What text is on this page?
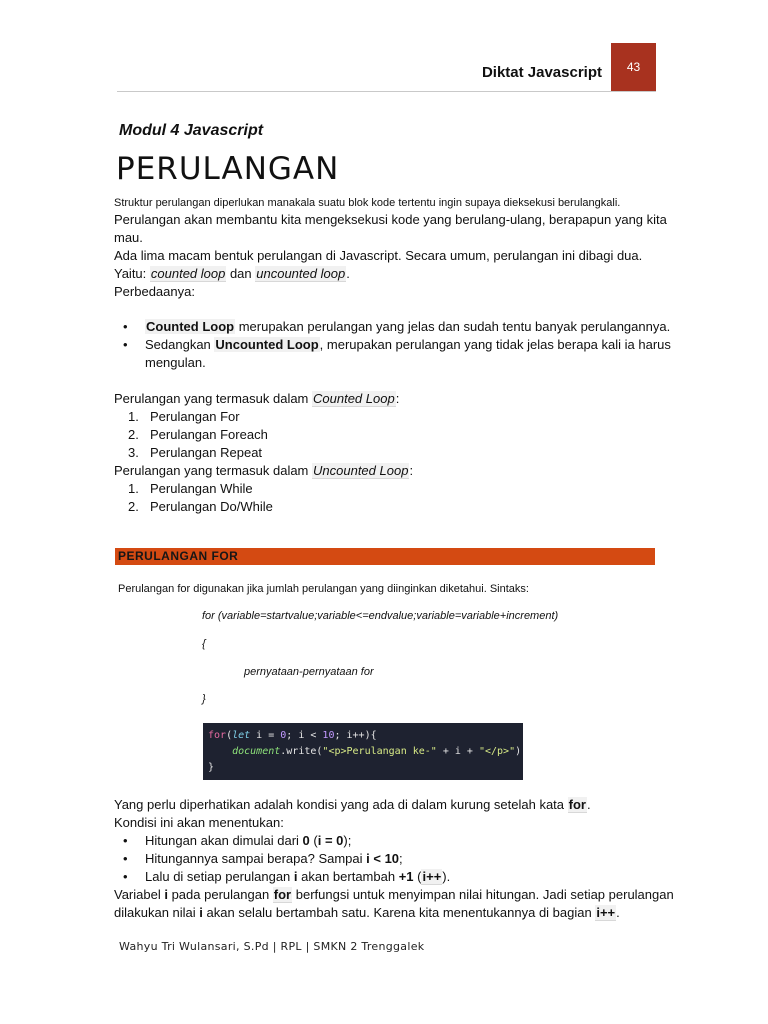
Diktat Javascript 43
Modul 4 Javascript
PERULANGAN

Struktur perulangan diperlukan manakala suatu blok kode tertentu ingin supaya dieksekusi berulangkali.

Perulangan akan membantu kita mengeksekusi kode yang berulang-ulang, berapapun yang kita mau.

Ada lima macam bentuk perulangan di Javascript. Secara umum, perulangan ini dibagi dua.

Yaitu: counted loop dan uncounted loop.

Perbedaanya:

• Counted Loop merupakan perulangan yang jelas dan sudah tentu banyak perulangannya.
• Sedangkan Uncounted Loop, merupakan perulangan yang tidak jelas berapa kali ia harus mengulan.

Perulangan yang termasuk dalam Counted Loop:

1. Perulangan For
2. Perulangan Foreach
3. Perulangan Repeat

Perulangan yang termasuk dalam Uncounted Loop:

1. Perulangan While
2. Perulangan Do/While
PERULANGAN FOR
Perulangan for digunakan jika jumlah perulangan yang diinginkan diketahui. Sintaks:
for (variable=startvalue;variable<=endvalue;variable=variable+increment)
{
pernyataan-pernyataan for
}
for(let i = 0; i < 10; i++){
document.write("<p>Perulangan ke-" + i + "</p>")
}

Yang perlu diperhatikan adalah kondisi yang ada di dalam kurung setelah kata for.

Kondisi ini akan menentukan:

• Hitungan akan dimulai dari 0 (i = 0);
• Hitungannya sampai berapa? Sampai i < 10;
• Lalu di setiap perulangan i akan bertambah +1 (i++).

Variabel i pada perulangan for berfungsi untuk menyimpan nilai hitungan. Jadi setiap perulangan dilakukan nilai i akan selalu bertambah satu. Karena kita menentukannya di bagian i++.

Wahyu Tri Wulansari, S.Pd | RPL | SMKN 2 Trenggalek
